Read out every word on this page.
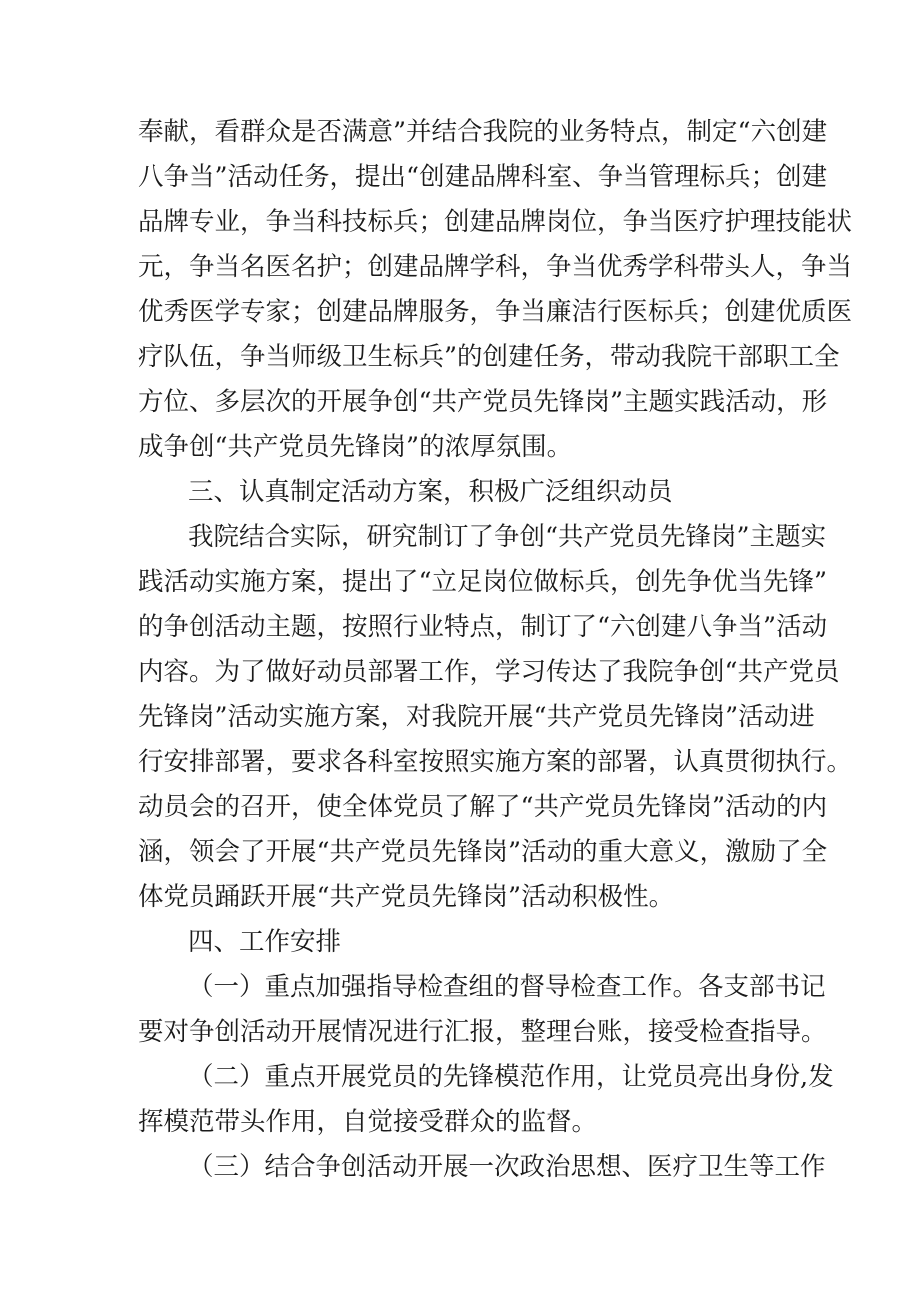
奉献，看群众是否满意”并结合我院的业务特点，制定“六创建
八争当”活动任务，提出“创建品牌科室、争当管理标兵；创建
品牌专业，争当科技标兵；创建品牌岗位，争当医疗护理技能状
元，争当名医名护；创建品牌学科，争当优秀学科带头人，争当
优秀医学专家；创建品牌服务，争当廉洁行医标兵；创建优质医
疗队伍，争当师级卫生标兵”的创建任务，带动我院干部职工全
方位、多层次的开展争创“共产党员先锋岗”主题实践活动，形
成争创“共产党员先锋岗”的浓厚氛围。
三、认真制定活动方案，积极广泛组织动员
我院结合实际，研究制订了争创“共产党员先锋岗”主题实
践活动实施方案，提出了“立足岗位做标兵，创先争优当先锋”
的争创活动主题，按照行业特点，制订了“六创建八争当”活动
内容。为了做好动员部署工作，学习传达了我院争创“共产党员
先锋岗”活动实施方案，对我院开展“共产党员先锋岗”活动进
行安排部署，要求各科室按照实施方案的部署，认真贯彻执行。
动员会的召开，使全体党员了解了“共产党员先锋岗”活动的内
涵，领会了开展“共产党员先锋岗”活动的重大意义，激励了全
体党员踊跃开展“共产党员先锋岗”活动积极性。
四、工作安排
（一）重点加强指导检查组的督导检查工作。各支部书记
要对争创活动开展情况进行汇报，整理台账，接受检查指导。
（二）重点开展党员的先锋模范作用，让党员亮出身份,发
挥模范带头作用，自觉接受群众的监督。
（三）结合争创活动开展一次政治思想、医疗卫生等工作
